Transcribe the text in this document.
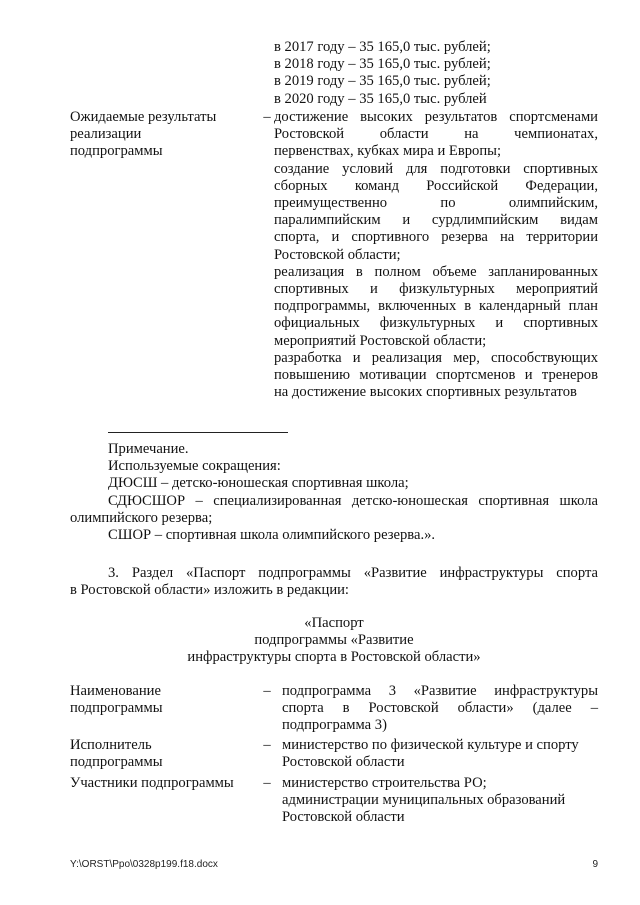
в 2017 году – 35 165,0 тыс. рублей;
в 2018 году – 35 165,0 тыс. рублей;
в 2019 году – 35 165,0 тыс. рублей;
в 2020 году – 35 165,0 тыс. рублей
Ожидаемые результаты
реализации
подпрограммы
– достижение высоких результатов спортсменами
Ростовской области на чемпионатах,
первенствах, кубках мира и Европы;
создание условий для подготовки спортивных
сборных команд Российской Федерации,
преимущественно по олимпийским,
паралимпийским и сурдлимпийским видам
спорта, и спортивного резерва на территории
Ростовской области;
реализация в полном объеме запланированных
спортивных и физкультурных мероприятий
подпрограммы, включенных в календарный план
официальных физкультурных и спортивных
мероприятий Ростовской области;
разработка и реализация мер, способствующих
повышению мотивации спортсменов и тренеров
на достижение высоких спортивных результатов
Примечание.
Используемые сокращения:
ДЮСШ – детско-юношеская спортивная школа;
СДЮСШОР – специализированная детско-юношеская спортивная школа
олимпийского резерва;
СШОР – спортивная школа олимпийского резерва.».
3. Раздел «Паспорт подпрограммы «Развитие инфраструктуры спорта
в Ростовской области» изложить в редакции:
«Паспорт
подпрограммы «Развитие
инфраструктуры спорта в Ростовской области»
Наименование
подпрограммы
– подпрограмма 3 «Развитие инфраструктуры
спорта в Ростовской области» (далее –
подпрограмма 3)
Исполнитель
подпрограммы
– министерство по физической культуре и спорту
Ростовской области
Участники подпрограммы	– министерство строительства РО;
администрации муниципальных образований
Ростовской области
Y:\ORST\Ppo\0328p199.f18.docx	9
